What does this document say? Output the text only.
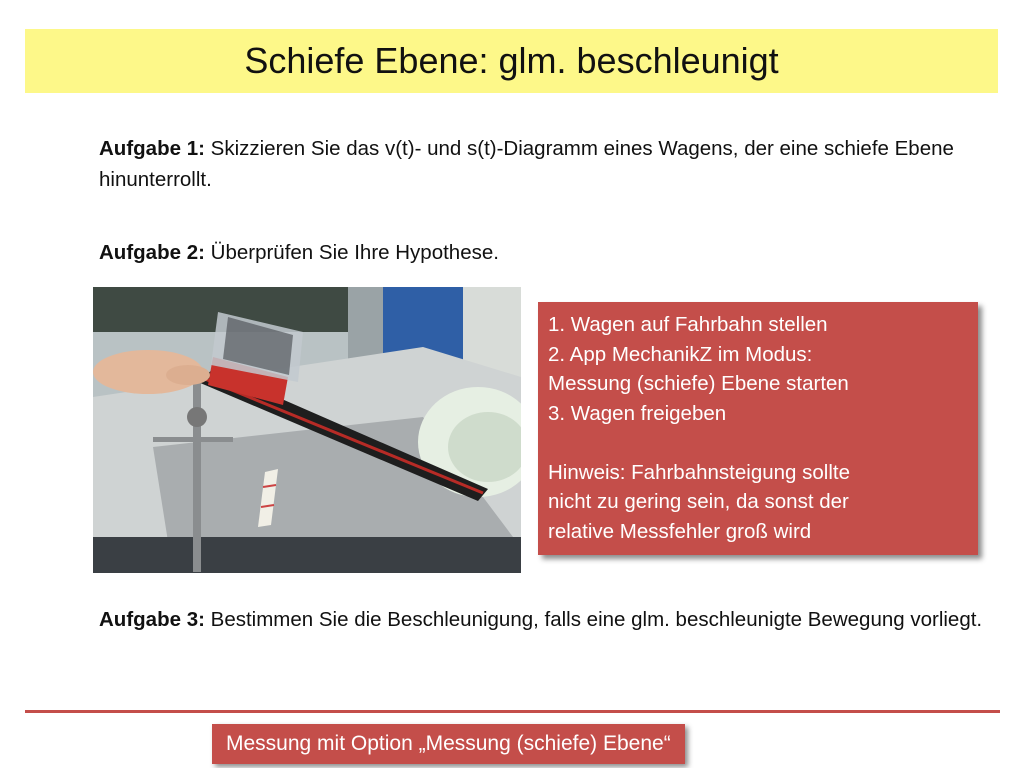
Schiefe Ebene: glm. beschleunigt
Aufgabe 1: Skizzieren Sie das v(t)- und s(t)-Diagramm eines Wagens, der eine schiefe Ebene hinunterrollt.
Aufgabe 2: Überprüfen Sie Ihre Hypothese.
1. Wagen auf Fahrbahn stellen
2. App MechanikZ im Modus:
Messung (schiefe) Ebene starten
3. Wagen freigeben
Hinweis: Fahrbahnsteigung sollte
nicht zu gering sein, da sonst der
relative Messfehler groß wird
Aufgabe 3: Bestimmen Sie die Beschleunigung, falls eine glm. beschleunigte Bewegung vorliegt.
Messung mit Option „Messung (schiefe) Ebene“
